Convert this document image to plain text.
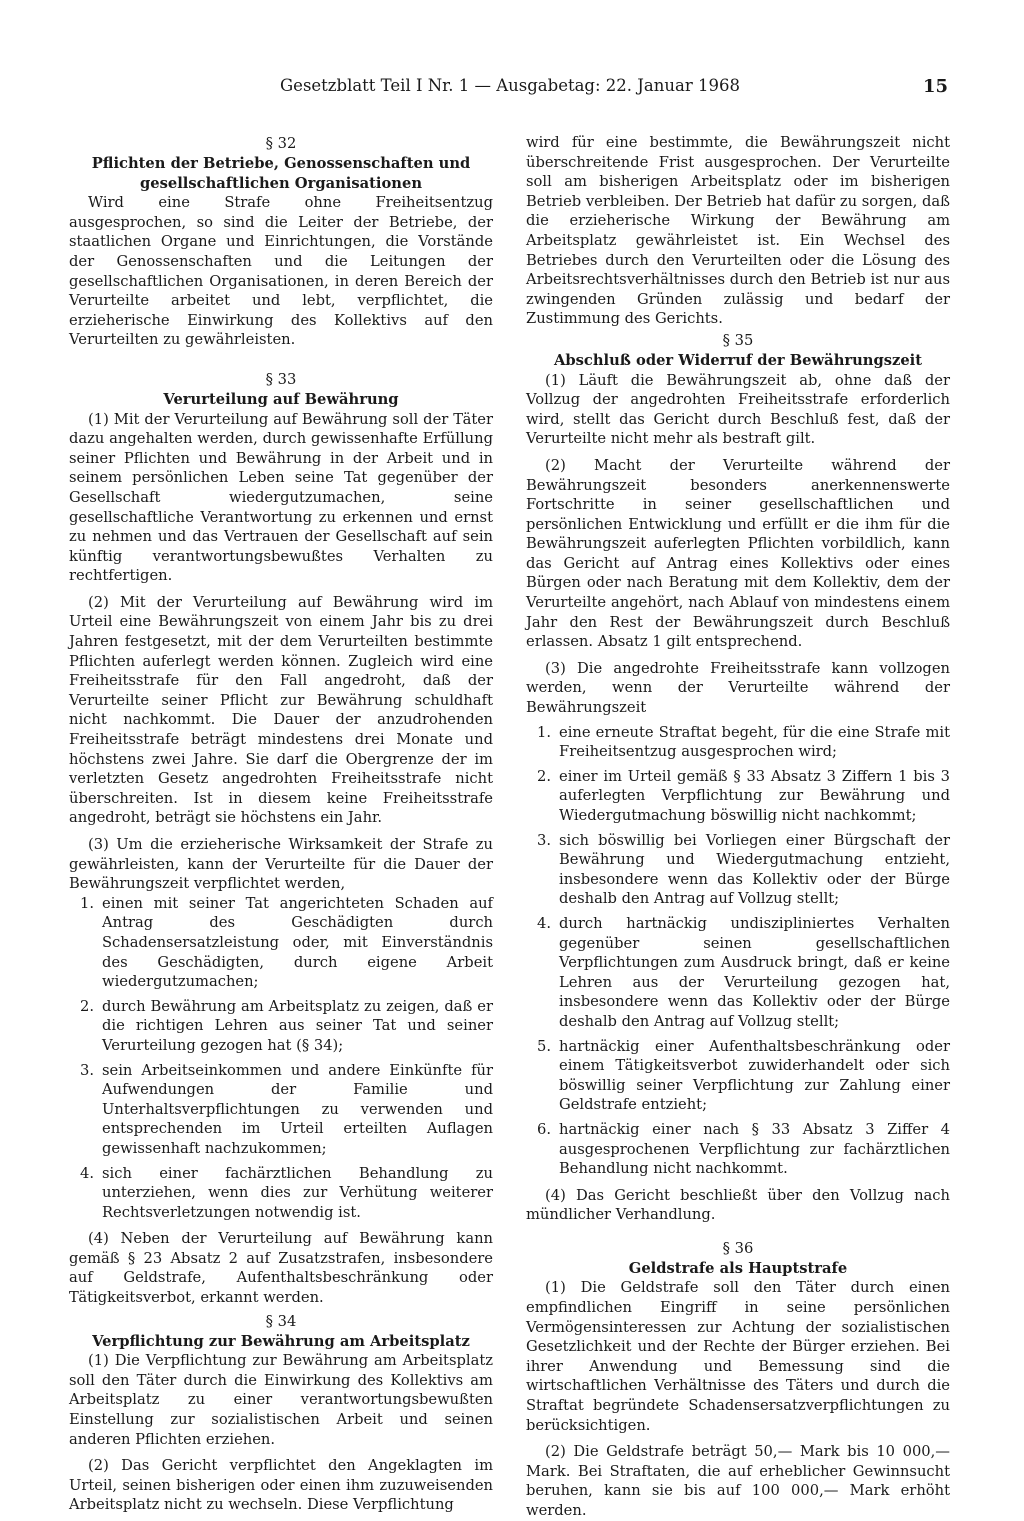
Gesetzblatt Teil I Nr. 1 — Ausgabetag: 22. Januar 1968	15

§ 32

Pflichten der Betriebe, Genossenschaften und

gesellschaftlichen Organisationen

Wird eine Strafe ohne Freiheitsentzug ausgesprochen, so sind die Leiter der Betriebe, der staatlichen Organe und Einrichtungen, die Vorstände der Genossenschaften und die Leitungen der gesellschaftlichen Organisationen, in deren Bereich der Verurteilte arbeitet und lebt, verpflichtet, die erzieherische Einwirkung des Kollektivs auf den Verurteilten zu gewährleisten.

§ 33

Verurteilung auf Bewährung

(1) Mit der Verurteilung auf Bewährung soll der Täter dazu angehalten werden, durch gewissenhafte Erfüllung seiner Pflichten und Bewährung in der Arbeit und in seinem persönlichen Leben seine Tat gegenüber der Gesellschaft wiedergutzumachen, seine gesellschaftliche Verantwortung zu erkennen und ernst zu nehmen und das Vertrauen der Gesellschaft auf sein künftig verantwortungsbewußtes Verhalten zu rechtfertigen.

(2) Mit der Verurteilung auf Bewährung wird im Urteil eine Bewährungszeit von einem Jahr bis zu drei Jahren festgesetzt, mit der dem Verurteilten bestimmte Pflichten auferlegt werden können. Zugleich wird eine Freiheitsstrafe für den Fall angedroht, daß der Verurteilte seiner Pflicht zur Bewährung schuldhaft nicht nachkommt. Die Dauer der anzudrohenden Freiheitsstrafe beträgt mindestens drei Monate und höchstens zwei Jahre. Sie darf die Obergrenze der im verletzten Gesetz angedrohten Freiheitsstrafe nicht überschreiten. Ist in diesem keine Freiheitsstrafe angedroht, beträgt sie höchstens ein Jahr.

(3) Um die erzieherische Wirksamkeit der Strafe zu gewährleisten, kann der Verurteilte für die Dauer der Bewährungszeit verpflichtet werden,

1. einen mit seiner Tat angerichteten Schaden auf Antrag des Geschädigten durch Schadensersatzleistung oder, mit Einverständnis des Geschädigten, durch eigene Arbeit wiedergutzumachen;
2. durch Bewährung am Arbeitsplatz zu zeigen, daß er die richtigen Lehren aus seiner Tat und seiner Verurteilung gezogen hat (§ 34);
3. sein Arbeitseinkommen und andere Einkünfte für Aufwendungen der Familie und Unterhaltsverpflichtungen zu verwenden und entsprechenden im Urteil erteilten Auflagen gewissenhaft nachzukommen;
4. sich einer fachärztlichen Behandlung zu unterziehen, wenn dies zur Verhütung weiterer Rechtsverletzungen notwendig ist.

(4) Neben der Verurteilung auf Bewährung kann gemäß § 23 Absatz 2 auf Zusatzstrafen, insbesondere auf Geldstrafe, Aufenthaltsbeschränkung oder Tätigkeitsverbot, erkannt werden.

§ 34

Verpflichtung zur Bewährung am Arbeitsplatz

(1) Die Verpflichtung zur Bewährung am Arbeitsplatz soll den Täter durch die Einwirkung des Kollektivs am Arbeitsplatz zu einer verantwortungsbewußten Einstellung zur sozialistischen Arbeit und seinen anderen Pflichten erziehen.

(2) Das Gericht verpflichtet den Angeklagten im Urteil, seinen bisherigen oder einen ihm zuzuweisenden Arbeitsplatz nicht zu wechseln. Diese Verpflichtung

wird für eine bestimmte, die Bewährungszeit nicht überschreitende Frist ausgesprochen. Der Verurteilte soll am bisherigen Arbeitsplatz oder im bisherigen Betrieb verbleiben. Der Betrieb hat dafür zu sorgen, daß die erzieherische Wirkung der Bewährung am Arbeitsplatz gewährleistet ist. Ein Wechsel des Betriebes durch den Verurteilten oder die Lösung des Arbeitsrechtsverhältnisses durch den Betrieb ist nur aus zwingenden Gründen zulässig und bedarf der Zustimmung des Gerichts.

§ 35

Abschluß oder Widerruf der Bewährungszeit

(1) Läuft die Bewährungszeit ab, ohne daß der Vollzug der angedrohten Freiheitsstrafe erforderlich wird, stellt das Gericht durch Beschluß fest, daß der Verurteilte nicht mehr als bestraft gilt.

(2) Macht der Verurteilte während der Bewährungszeit besonders anerkennenswerte Fortschritte in seiner gesellschaftlichen und persönlichen Entwicklung und erfüllt er die ihm für die Bewährungszeit auferlegten Pflichten vorbildlich, kann das Gericht auf Antrag eines Kollektivs oder eines Bürgen oder nach Beratung mit dem Kollektiv, dem der Verurteilte angehört, nach Ablauf von mindestens einem Jahr den Rest der Bewährungszeit durch Beschluß erlassen. Absatz 1 gilt entsprechend.

(3) Die angedrohte Freiheitsstrafe kann vollzogen werden, wenn der Verurteilte während der Bewährungszeit

1. eine erneute Straftat begeht, für die eine Strafe mit Freiheitsentzug ausgesprochen wird;
2. einer im Urteil gemäß § 33 Absatz 3 Ziffern 1 bis 3 auferlegten Verpflichtung zur Bewährung und Wiedergutmachung böswillig nicht nachkommt;
3. sich böswillig bei Vorliegen einer Bürgschaft der Bewährung und Wiedergutmachung entzieht, insbesondere wenn das Kollektiv oder der Bürge deshalb den Antrag auf Vollzug stellt;
4. durch hartnäckig undiszipliniertes Verhalten gegenüber seinen gesellschaftlichen Verpflichtungen zum Ausdruck bringt, daß er keine Lehren aus der Verurteilung gezogen hat, insbesondere wenn das Kollektiv oder der Bürge deshalb den Antrag auf Vollzug stellt;
5. hartnäckig einer Aufenthaltsbeschränkung oder einem Tätigkeitsverbot zuwiderhandelt oder sich böswillig seiner Verpflichtung zur Zahlung einer Geldstrafe entzieht;
6. hartnäckig einer nach § 33 Absatz 3 Ziffer 4 ausgesprochenen Verpflichtung zur fachärztlichen Behandlung nicht nachkommt.

(4) Das Gericht beschließt über den Vollzug nach mündlicher Verhandlung.

§ 36

Geldstrafe als Hauptstrafe

(1) Die Geldstrafe soll den Täter durch einen empfindlichen Eingriff in seine persönlichen Vermögensinteressen zur Achtung der sozialistischen Gesetzlichkeit und der Rechte der Bürger erziehen. Bei ihrer Anwendung und Bemessung sind die wirtschaftlichen Verhältnisse des Täters und durch die Straftat begründete Schadensersatzverpflichtungen zu berücksichtigen.

(2) Die Geldstrafe beträgt 50,— Mark bis 10 000,— Mark. Bei Straftaten, die auf erheblicher Gewinnsucht beruhen, kann sie bis auf 100 000,— Mark erhöht werden.
